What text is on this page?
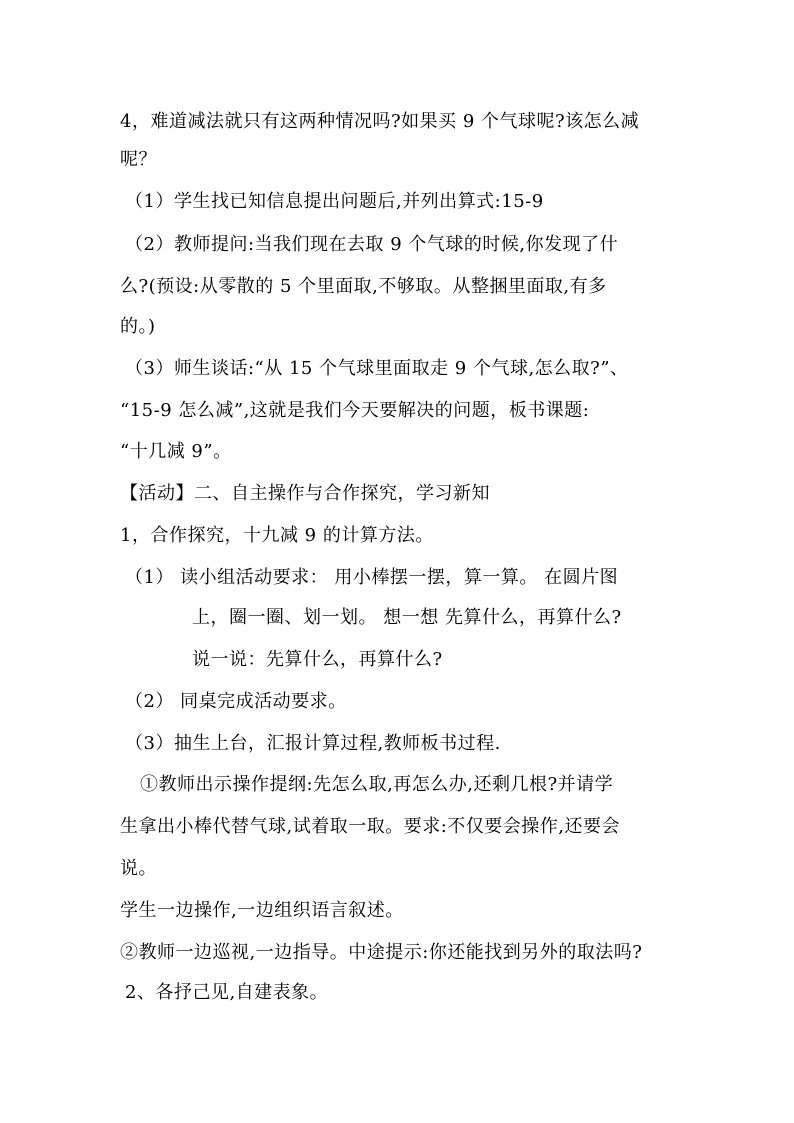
4，难道减法就只有这两种情况吗?如果买 9 个气球呢?该怎么减
呢？
（1）学生找已知信息提出问题后,并列出算式:15-9
（2）教师提问:当我们现在去取 9 个气球的时候,你发现了什
么?(预设:从零散的 5 个里面取,不够取。从整捆里面取,有多
的。)
（3）师生谈话:“从 15 个气球里面取走 9 个气球,怎么取?”、
“15-9 怎么减”,这就是我们今天要解决的问题，板书课题:
“十几减 9”。
【活动】二、自主操作与合作探究，学习新知
1，合作探究，十九减 9 的计算方法。
（1） 读小组活动要求： 用小棒摆一摆，算一算。 在圆片图
上，圈一圈、划一划。 想一想 先算什么，再算什么?
说一说：先算什么，再算什么?
（2） 同桌完成活动要求。
（3）抽生上台，汇报计算过程,教师板书过程.
①教师出示操作提纲:先怎么取,再怎么办,还剩几根?并请学
生拿出小棒代替气球,试着取一取。要求:不仅要会操作,还要会
说。
学生一边操作,一边组织语言叙述。
②教师一边巡视,一边指导。中途提示:你还能找到另外的取法吗?
2、各抒己见,自建表象。
